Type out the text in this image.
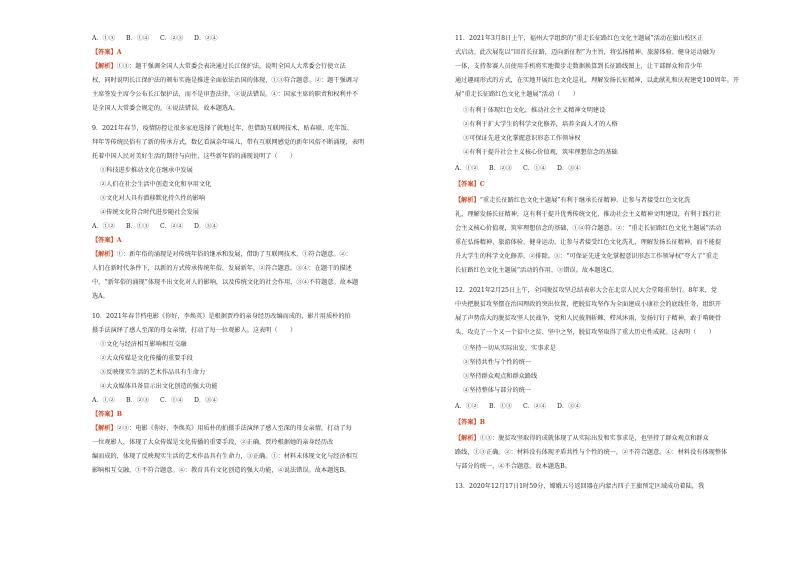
A．①③ B．①④ C．②③ D．②④
【答案】A
【解析】①③：题干强调全国人大常委会表决通过长江保护法，说明全国人大常委会行使立法
权，同时说明长江保护法的颁布实施是推进全面依法治国的体现，①③符合题意。②：题干强调习
主席签发主席令公布长江保护法，而不是审查法律，②说法错误。④：国家主席的职责和权利并不
是全国人大常委会规定的，④说法错误。故本题选A。
9．2021年春节，疫情防控让很多家庭选择了就地过年，但借助互联网技术，贴春联、吃年饭、
拜年等传统民俗有了新的传承方式，数亿看演杂年味儿，带有互联网感觉的新年风俗不断涌现，表明
托着中国人民对美好生活的期待与向往，这些新年俗的涌现说明了（　　）
①科技进步推动文化在继承中发展
②人们在社会生活中创造文化和享用文化
③文化对人具有潜移默化持久性的影响
④传统文化符合时代进步随社会发展
A．①② B．①③ C．②④ D．③④
【答案】A
【解析】①：新年俗的涌现是对传统年俗的继承和发展，借助了互联网技术，①符合题意。②：
人们在新时代条件下，以新的方式传承传统年俗，发展新年，②符合题意。③④：在题干的描述
中，“新年俗的涌现”体现不出文化对人的影响，以及传统文化的社会作用，③④不符题意。故本题
选A。
10．2021年春节档电影《你好，李焕英》是根据贾玲的亲身经历改编而成的，影片用质朴的拍
摄手法演绎了感人至深的母女亲情，打动了每一位观影人。这表明（　　）
①文化与经济相互影响相互交融
②大众传媒是文化传播的重要手段
③反映现实生活的艺术作品具有生命力
④大众媒体具备显示出文化创造的强大功能
A．①② B．②③ C．①④ D．③④
【答案】B
【解析】②③：电影《你好，李焕英》用质朴的拍摄手法演绎了感人至深的母女亲情，打动了每
一位观影人，体现了大众传媒是文化传播的重要手段，②正确，贾玲根据她的亲身经历改
编而成的，体现了反映现实生活的艺术作品具有生命力，③正确。①：材料未体现文化与经济相互
影响相互交融，①不符合题意。④：教育具有文化创造的强大功能，④说法错误。故本题选B。
11．2021年3月8日上午，福州大学组织的“重走长征路红色文化主题展”活动在旗山校区正
式启动。此次展览以“回首长征路，迈向新征程”为主旨，将弘扬精神、旅游体验、健身运动融为
一体，支持参赛人员使用手机将实地微步走数据换算到长征路线图上，让干部群众和青少年
通过趣闻形式的方式，在实地开展红色文化巡礼，理解发扬长征精神，以此献礼和庆祝建党100周年。开
展“重走长征路红色文化主题展”活动（　　）
①有利于体现红色文化，推动社会主义精神文明建设
②有利于扩大学生的科学文化修养，培养全面人才的人格
③可保证先进文化掌握意识形态工作领导权
④有利于提升社会主义核心价值观，筑牢理想信念的基础
A．①② B．②③ C．①④ D．③④
【答案】C
【解析】“重走长征路红色文化主题展”有利于继承长征精神、让参与者接受红色文化洗
礼，理解发扬长征精神，这有利于提升优秀传统文化，推动社会主义精神文明建设，有利于践行社
会主义核心价值观，筑牢理想信念的基础，①④符合题意。②：“重走长征路红色文化主题展”活动
重在弘扬精神、旅游体验、健身运动，让参与者接受红色文化洗礼，理解发扬长征精神，而不能提
升大学生的科学文化修养，②排除。③：“可保证先进文化掌握意识形态工作领导权”夸大了“重走
长征路红色文化主题展”活动的作用，③错误。故本题选C。
12．2021年2月25日上午，全国脱贫攻坚总结表彰大会在北京人民大会堂隆重举行。8年来，党
中央把脱贫攻坚摆在治国理政的突出位置，把脱贫攻坚作为全面建成小康社会的底线任务，组织开
展了声势浩大的脱贫攻坚人民战争，党和人民披荆斩棘、栉风沐雨，发扬钉钉子精神，敢于啃硬骨
头，攻克了一个又一个贫中之贫、坚中之坚，脱贫攻坚取得了重大历史性成就。这表明（　　）
①坚持一切从实际出发，实事求是
②坚持共性与个性的统一
③坚持群众观点和群众路线
④坚持整体与部分的统一
A．①② B．①③ C．②④ D．③④
【答案】B
【解析】①③：脱贫攻坚取得的成就体现了从实际出发和实事求是，也坚持了群众观点和群众
路线，①③正确。②：材料没有体现矛盾共性与个性的统一，②不符合题意。④：材料没有体现整体
与部分的统一，④不合题意。故本题选B。
13．2020年12月17日1时59分，嫦娥五号返回器在内蒙古四子王旗预定区域成功着陆，我
